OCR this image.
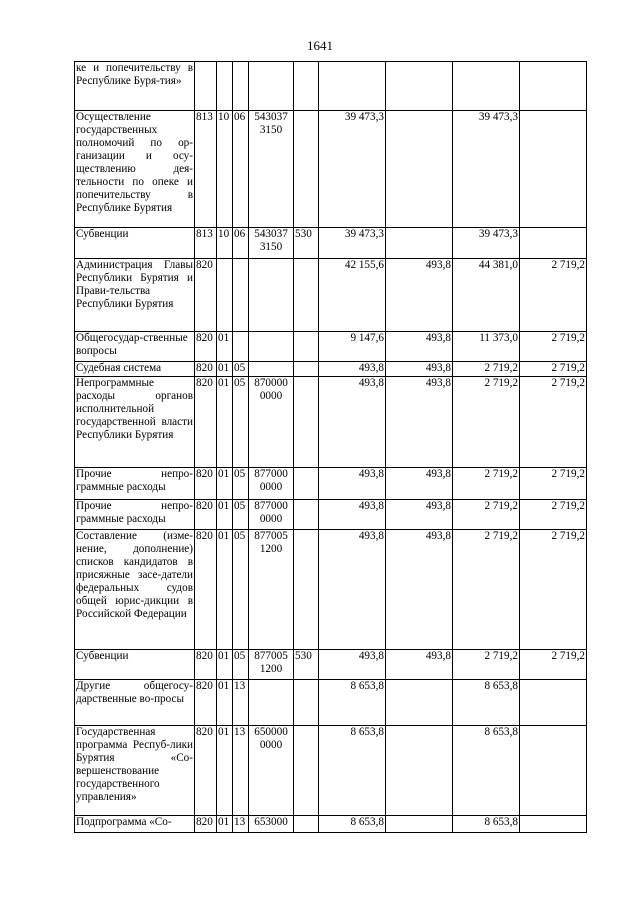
1641
ке и попечительству в Республике Буря-тия»									
Осуществление государственных полномочий по ор-ганизации и осу-ществлению дея-тельности по опеке и попечительству в Республике Бурятия	813	10	06	543037 3150		39 473,3		39 473,3	
Субвенции	813	10	06	543037 3150	530	39 473,3		39 473,3	
Администрация Главы Республики Бурятия и Прави-тельства Республики Бурятия	820					42 155,6	493,8	44 381,0	2 719,2
Общегосудар-ственные вопросы	820	01				9 147,6	493,8	11 373,0	2 719,2
Судебная система	820	01	05			493,8	493,8	2 719,2	2 719,2
Непрограммные расходы органов исполнительной государственной власти Республики Бурятия	820	01	05	870000 0000		493,8	493,8	2 719,2	2 719,2
Прочие непро-граммные расходы	820	01	05	877000 0000		493,8	493,8	2 719,2	2 719,2
Прочие непро-граммные расходы	820	01	05	877000 0000		493,8	493,8	2 719,2	2 719,2
Составление (изме-нение, дополнение) списков кандидатов в присяжные засе-датели федеральных судов общей юрис-дикции в Российской Федерации	820	01	05	877005 1200		493,8	493,8	2 719,2	2 719,2
Субвенции	820	01	05	877005 1200	530	493,8	493,8	2 719,2	2 719,2
Другие общегосу-дарственные во-просы	820	01	13			8 653,8		8 653,8	
Государственная программа Респуб-лики Бурятия «Со-вершенствование государственного управления»	820	01	13	650000 0000		8 653,8		8 653,8	
Подпрограмма «Со-	820	01	13	653000		8 653,8		8 653,8	
